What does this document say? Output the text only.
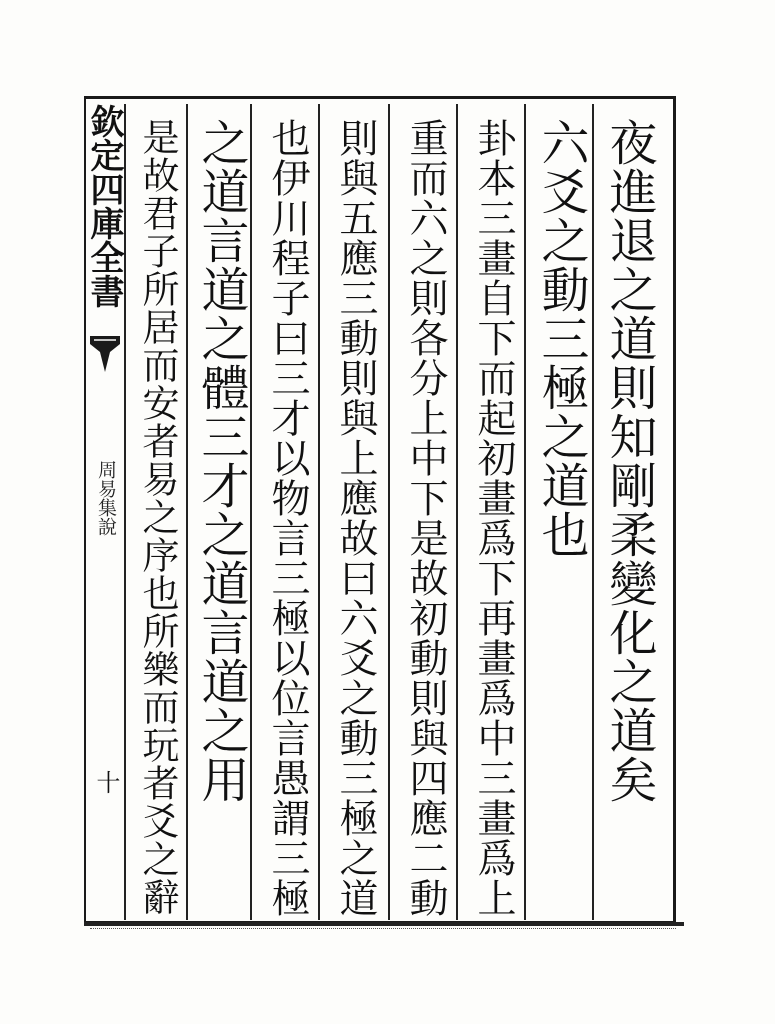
欽定四庫全書
周易集說
十	夜進退之道則知剛柔變化之道矣
六爻之動三極之道也
卦本三畫自下而起初畫爲下再畫爲中三畫爲上
重而六之則各分上中下是故初動則與四應二動
則與五應三動則與上應故曰六爻之動三極之道
也伊川程子曰三才以物言三極以位言愚謂三極
之道言道之體三才之道言道之用
是故君子所居而安者易之序也所樂而玩者爻之辭
